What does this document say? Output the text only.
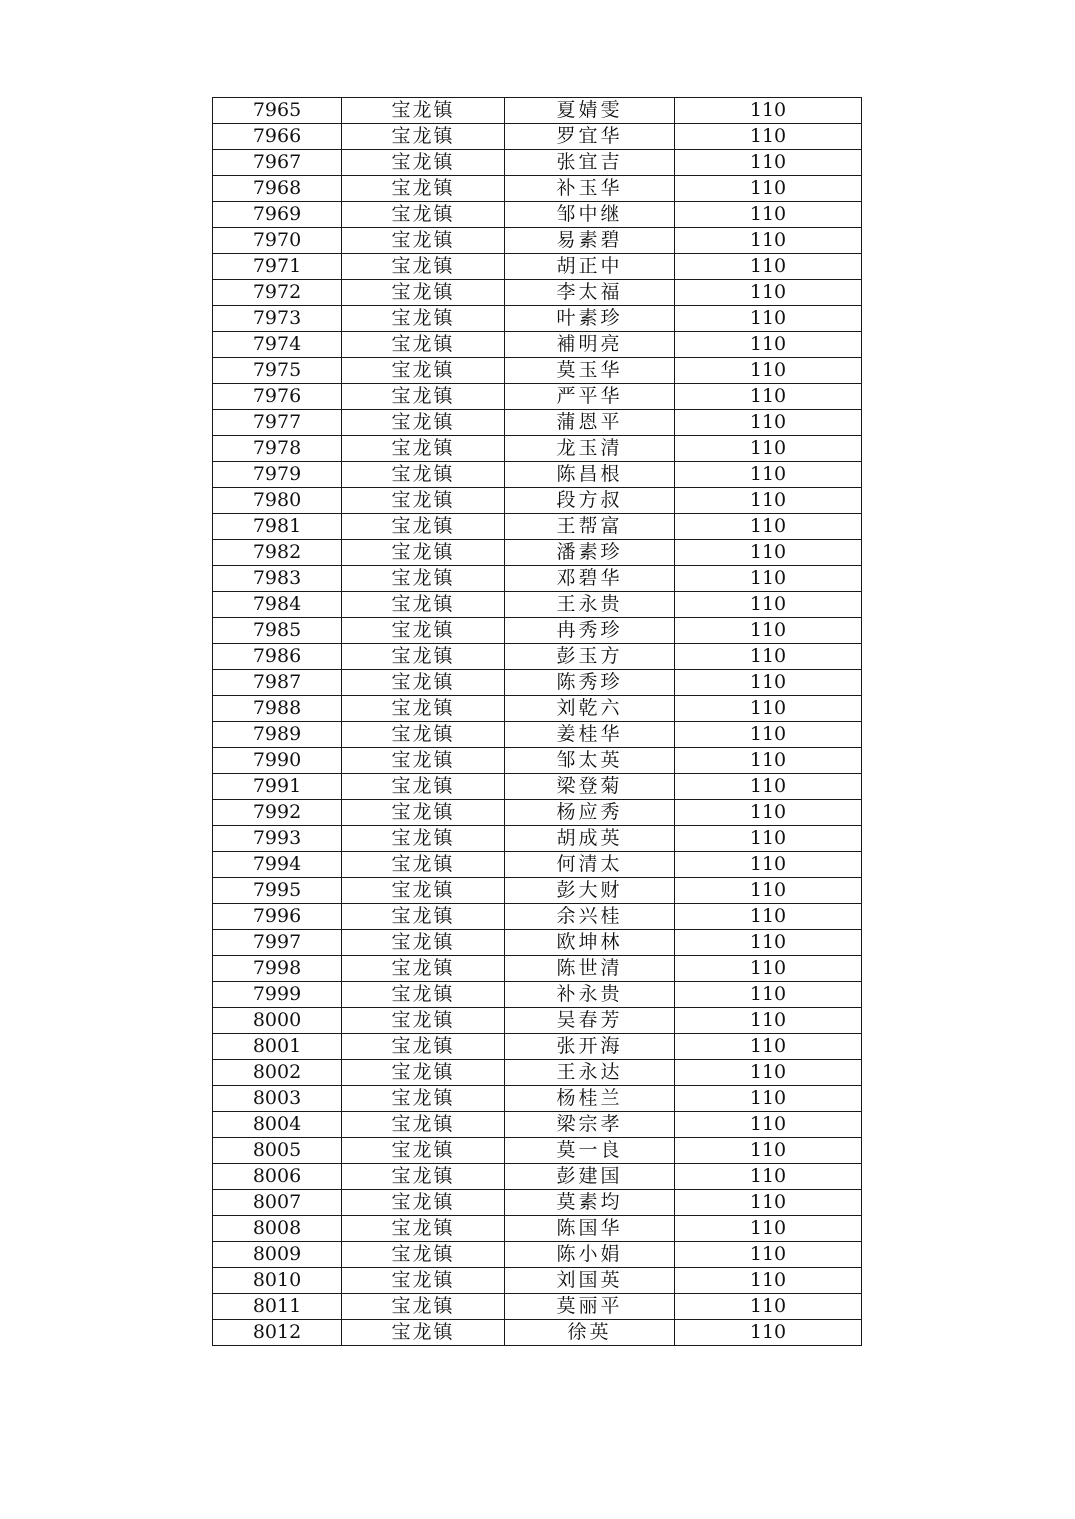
7965	宝龙镇	夏婧雯	110
7966	宝龙镇	罗宜华	110
7967	宝龙镇	张宜吉	110
7968	宝龙镇	补玉华	110
7969	宝龙镇	邹中继	110
7970	宝龙镇	易素碧	110
7971	宝龙镇	胡正中	110
7972	宝龙镇	李太福	110
7973	宝龙镇	叶素珍	110
7974	宝龙镇	補明亮	110
7975	宝龙镇	莫玉华	110
7976	宝龙镇	严平华	110
7977	宝龙镇	蒲恩平	110
7978	宝龙镇	龙玉清	110
7979	宝龙镇	陈昌根	110
7980	宝龙镇	段方叔	110
7981	宝龙镇	王帮富	110
7982	宝龙镇	潘素珍	110
7983	宝龙镇	邓碧华	110
7984	宝龙镇	王永贵	110
7985	宝龙镇	冉秀珍	110
7986	宝龙镇	彭玉方	110
7987	宝龙镇	陈秀珍	110
7988	宝龙镇	刘乾六	110
7989	宝龙镇	姜桂华	110
7990	宝龙镇	邹太英	110
7991	宝龙镇	梁登菊	110
7992	宝龙镇	杨应秀	110
7993	宝龙镇	胡成英	110
7994	宝龙镇	何清太	110
7995	宝龙镇	彭大财	110
7996	宝龙镇	余兴桂	110
7997	宝龙镇	欧坤林	110
7998	宝龙镇	陈世清	110
7999	宝龙镇	补永贵	110
8000	宝龙镇	吴春芳	110
8001	宝龙镇	张开海	110
8002	宝龙镇	王永达	110
8003	宝龙镇	杨桂兰	110
8004	宝龙镇	梁宗孝	110
8005	宝龙镇	莫一良	110
8006	宝龙镇	彭建国	110
8007	宝龙镇	莫素均	110
8008	宝龙镇	陈国华	110
8009	宝龙镇	陈小娟	110
8010	宝龙镇	刘国英	110
8011	宝龙镇	莫丽平	110
8012	宝龙镇	徐英	110
